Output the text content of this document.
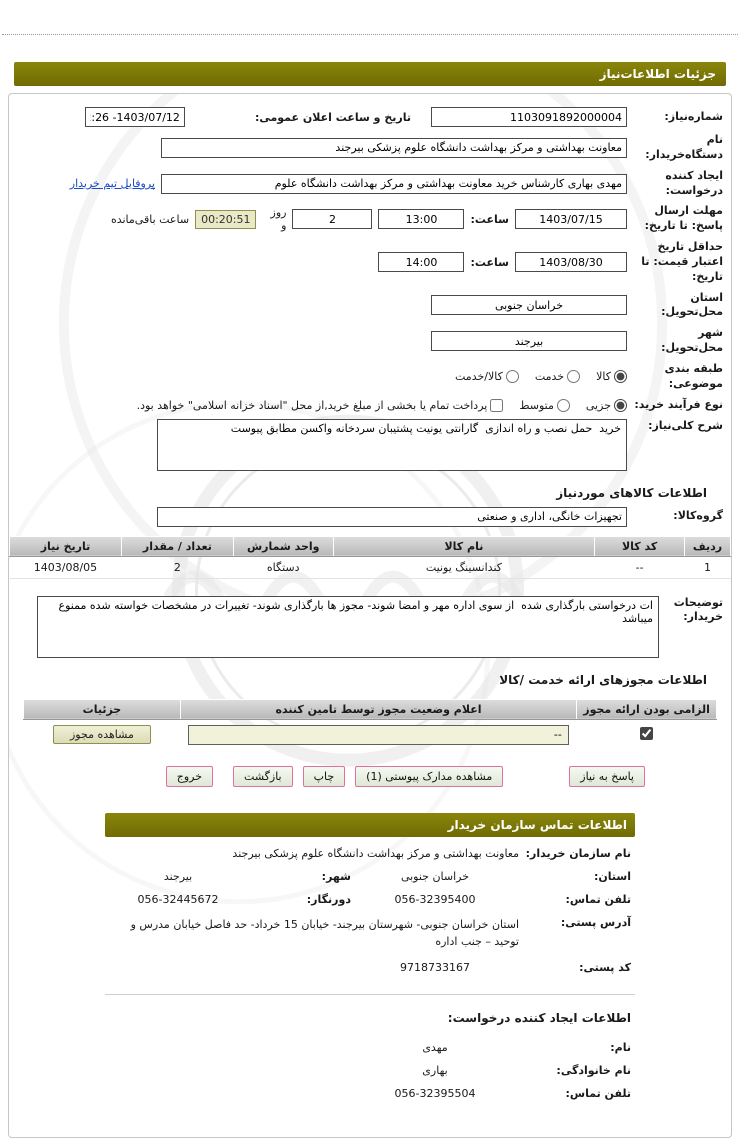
جزئیات اطلاعات‌نیاز
شماره‌نیاز:
1103091892000004
تاریخ و ساعت اعلان عمومی:
1403/07/12- 12:26
نام دستگاه‌خریدار:
معاونت بهداشتی و مرکز بهداشت دانشگاه علوم پزشکی بیرجند
ایجاد کننده درخواست:
مهدی بهاری کارشناس خرید معاونت بهداشتی و مرکز بهداشت دانشگاه علوم
پروفایل تیم خریدار
مهلت ارسال پاسخ: تا تاریخ:
1403/07/15
ساعت:
13:00
2
روز و
00:20:51
ساعت باقی‌مانده
حداقل تاریخ اعتبار قیمت: تا تاریخ:
1403/08/30
ساعت:
14:00
استان محل‌تحویل:
خراسان جنوبی
شهر محل‌تحویل:
بیرجند
طبقه بندی موضوعی:
کالا
خدمت
کالا/خدمت
نوع فرآیند خرید:
جزیی
متوسط
پرداخت تمام یا بخشی از مبلغ خرید,از محل "اسناد خزانه اسلامی" خواهد بود.
شرح کلی‌نیاز:
خرید حمل نصب و راه اندازی گارانتی یونیت پشتیبان سردخانه واکسن مطابق پیوست
اطلاعات کالاهای موردنیاز
گروه‌کالا:
تجهیزات خانگی، اداری و صنعتی
ردیف	کد کالا	نام کالا	واحد شمارش	تعداد / مقدار	تاریخ نیاز
1	--	کندانسینگ یونیت	دستگاه	2	1403/08/05
توضیحات خریدار:
ات درخواستی بارگذاری شده از سوی اداره مهر و امضا شوند- مجوز ها بارگذاری شوند- تغییرات در مشخصات خواسته شده ممنوع میباشد
اطلاعات مجوزهای ارائه خدمت /کالا
الزامی بودن ارائه مجوز	اعلام وضعیت مجوز توسط تامین کننده	جزئیات
	--	مشاهده مجوز
پاسخ به نیاز
مشاهده مدارک پیوستی (1)
چاپ
بازگشت
خروج
اطلاعات تماس سازمان خریدار
نام سازمان خریدار:
معاونت بهداشتی و مرکز بهداشت دانشگاه علوم پزشکی بیرجند
استان:
خراسان جنوبی
شهر:
بیرجند
تلفن تماس:
056-32395400
دورنگار:
056-32445672
آدرس پستی:
استان خراسان جنوبی- شهرستان بیرجند- خیابان 15 خرداد- حد فاصل خیابان مدرس و توحید – جنب اداره
کد پستی:
9718733167
اطلاعات ایجاد کننده درخواست:
نام:
مهدی
نام خانوادگی:
بهاری
تلفن تماس:
056-32395504
